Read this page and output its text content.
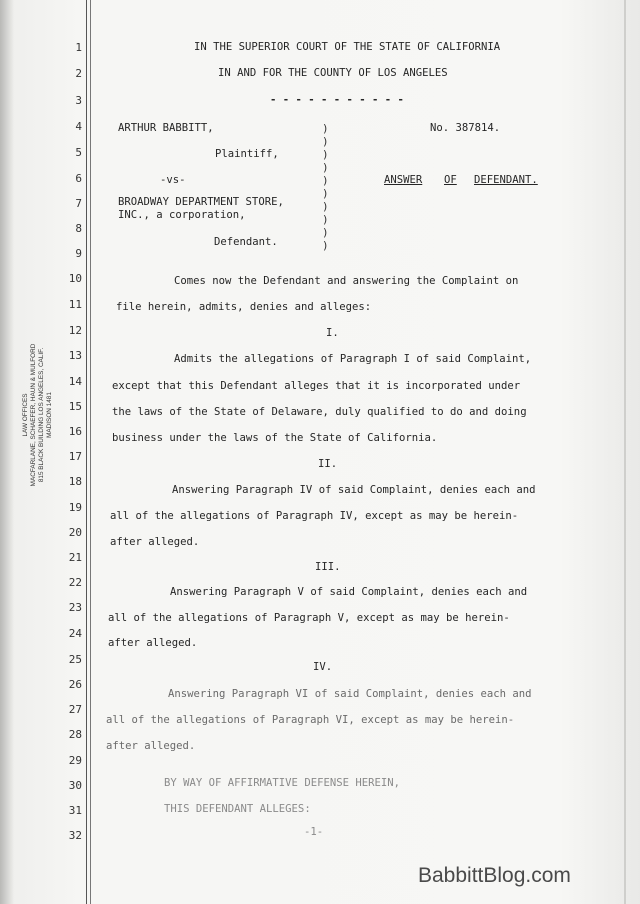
1
2
3
4
5
6
7
8
9
10
11
12
13
14
15
16
17
18
19
20
21
22
23
24
25
26
27
28
29
30
31
32
LAW OFFICES MACFARLANE, SCHAEFER, HAUN & MULFORD 815 BLACK BUILDING LOS ANGELES, CALIF. MADISON 1481
IN THE SUPERIOR COURT OF THE STATE OF CALIFORNIA
IN AND FOR THE COUNTY OF LOS ANGELES
- - - - - - - - - - -
ARTHUR BABBITT,
Plaintiff,
-vs-
BROADWAY DEPARTMENT STORE,
INC., a corporation,
Defendant.
)
)
)
)
)
)
)
)
)
)
No. 387814.
ANSWER OF DEFENDANT.
Comes now the Defendant and answering the Complaint on
file herein, admits, denies and alleges:
I.
Admits the allegations of Paragraph I of said Complaint,
except that this Defendant alleges that it is incorporated under
the laws of the State of Delaware, duly qualified to do and doing
business under the laws of the State of California.
II.
Answering Paragraph IV of said Complaint, denies each and
all of the allegations of Paragraph IV, except as may be herein-
after alleged.
III.
Answering Paragraph V of said Complaint, denies each and
all of the allegations of Paragraph V, except as may be herein-
after alleged.
IV.
Answering Paragraph VI of said Complaint, denies each and
all of the allegations of Paragraph VI, except as may be herein-
after alleged.
BY WAY OF AFFIRMATIVE DEFENSE HEREIN,
THIS DEFENDANT ALLEGES:
-1-
BabbittBlog.com
